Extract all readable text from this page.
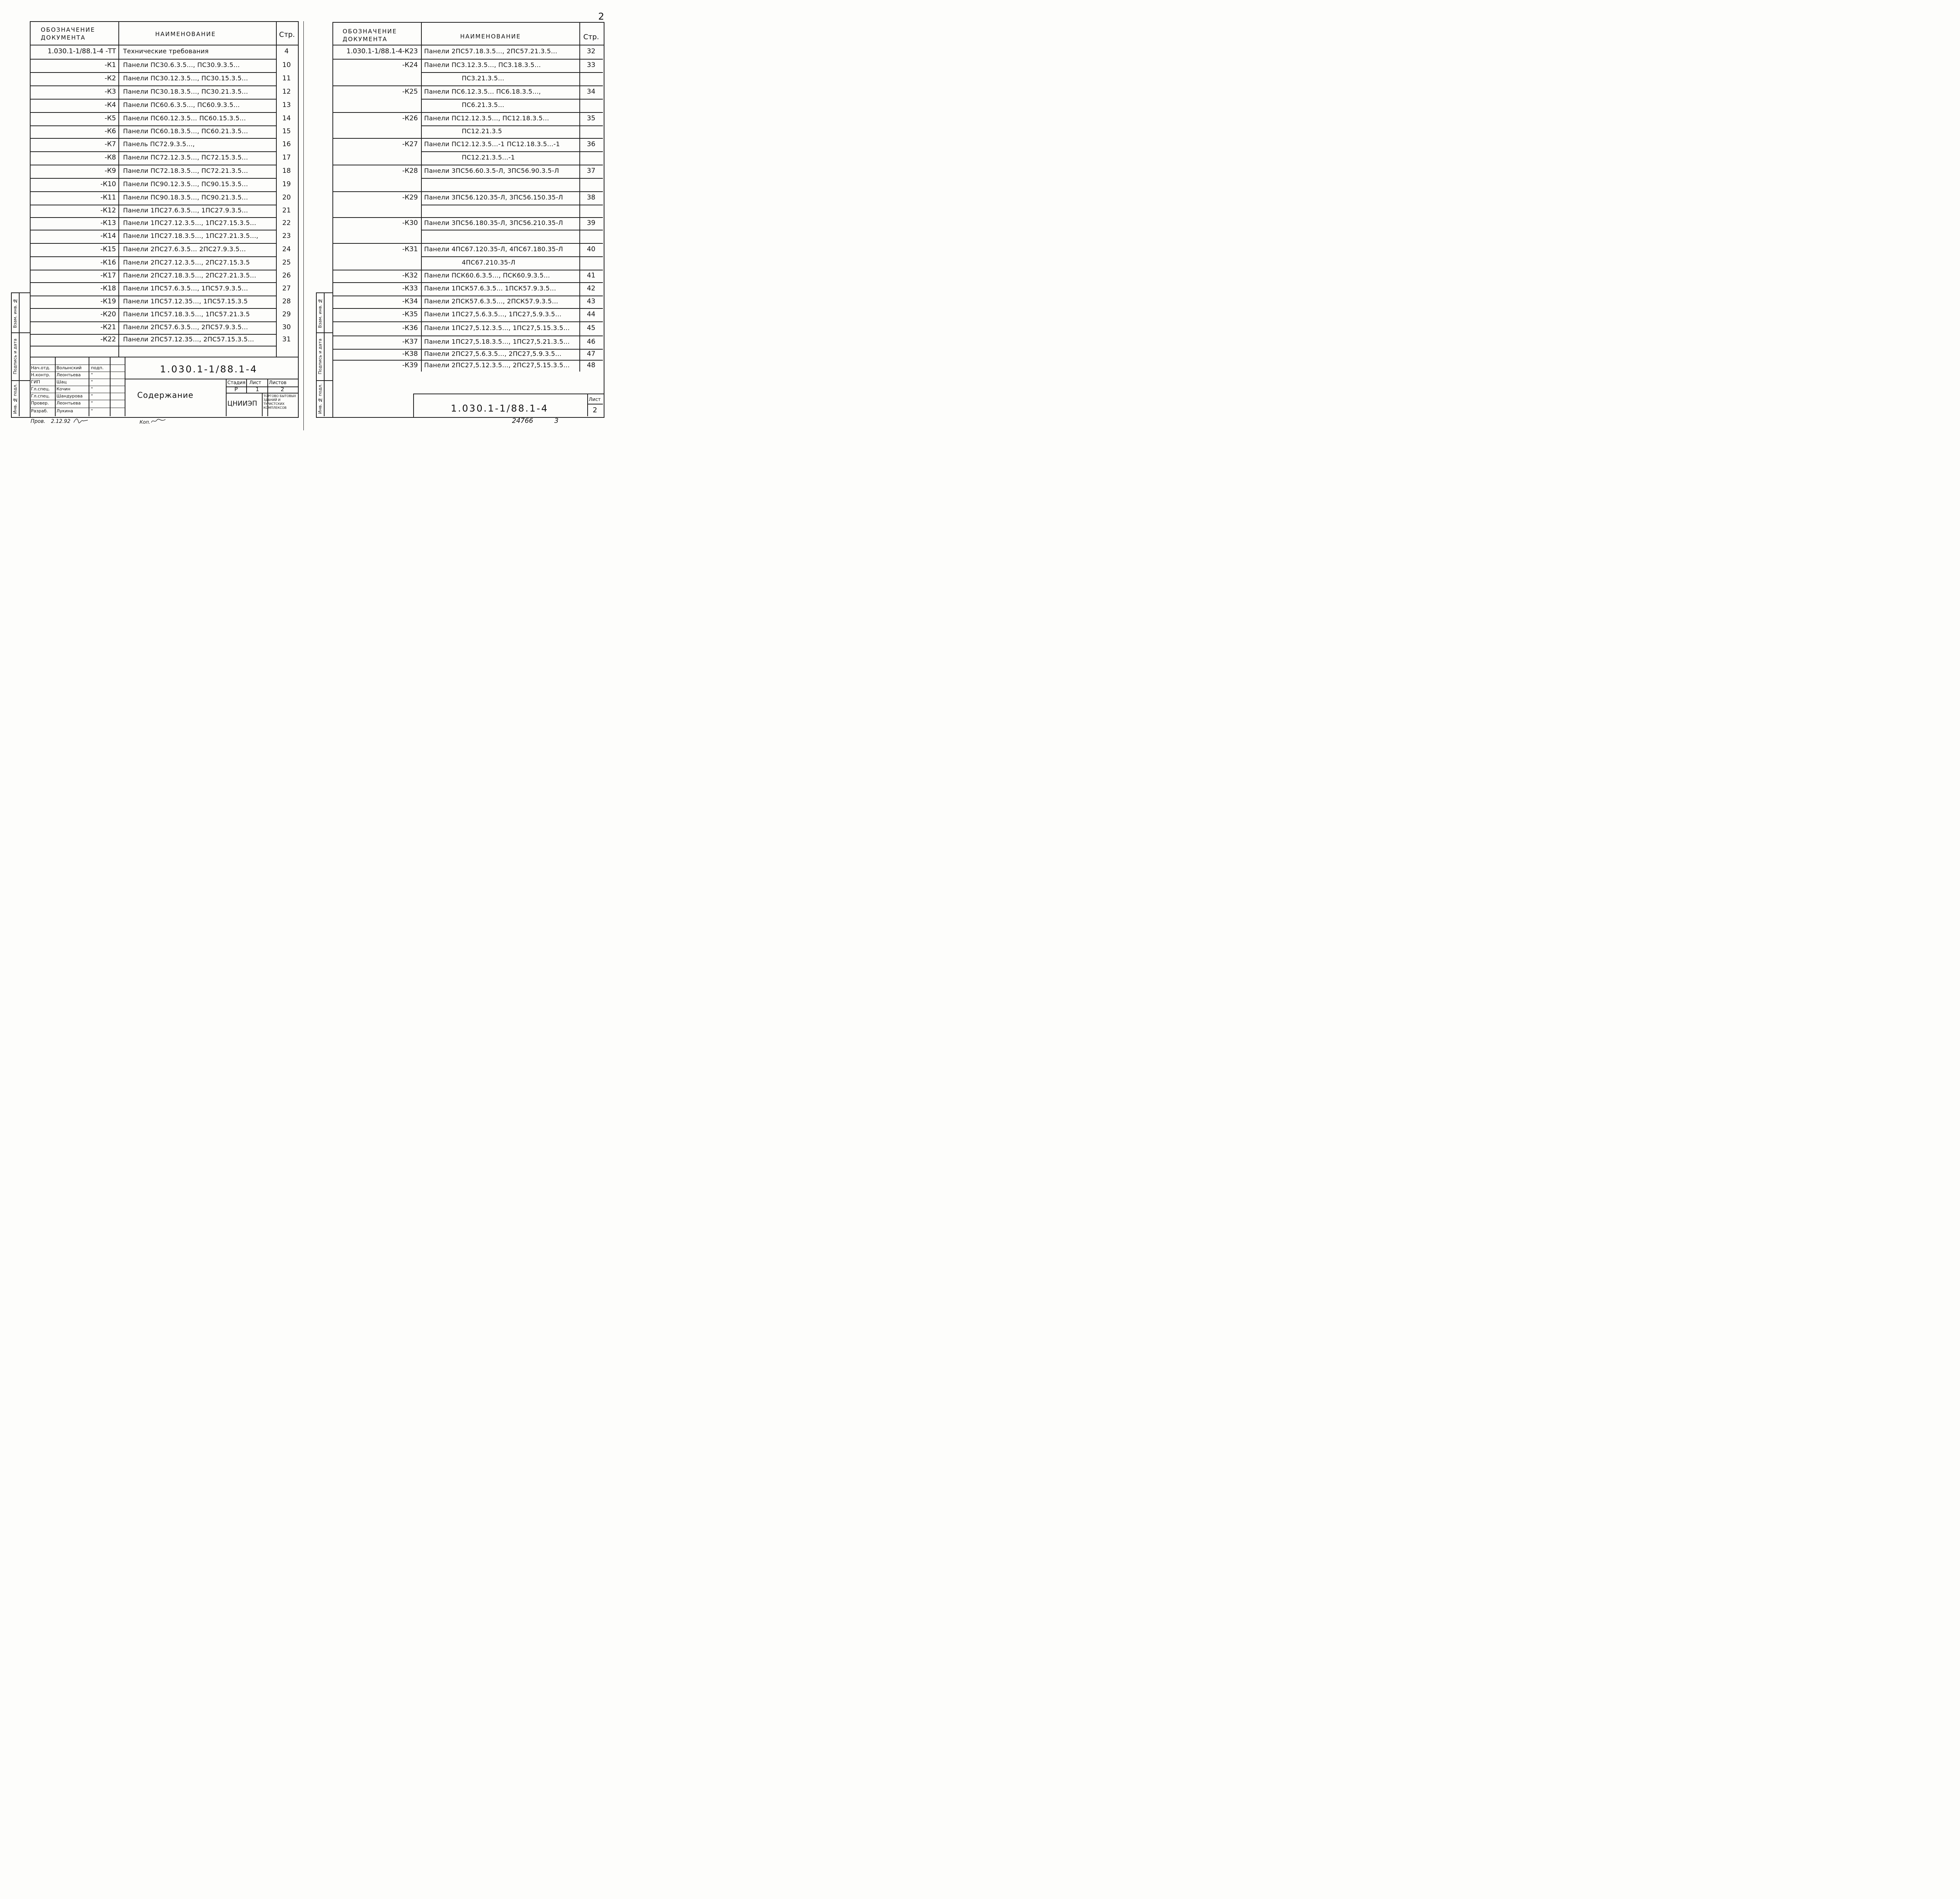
2
ОБОЗНАЧЕНИЕ ДОКУМЕНТА	НАИМЕНОВАНИЕ	Стр.
1.030.1-1/88.1-4 -ТТ Технические требования	4
-К1 Панели ПС30.6.3.5..., ПС30.9.3.5...	10
-К2 Панели ПС30.12.3.5..., ПС30.15.3.5...	11
-К3 Панели ПС30.18.3.5..., ПС30.21.3.5...	12
-К4 Панели ПС60.6.3.5..., ПС60.9.3.5...	13
-К5 Панели ПС60.12.3.5... ПС60.15.3.5...	14
-К6 Панели ПС60.18.3.5..., ПС60.21.3.5...	15
-К7 Панель ПС72.9.3.5...,	16
-К8 Панели ПС72.12.3.5..., ПС72.15.3.5...	17
-К9 Панели ПС72.18.3.5..., ПС72.21.3.5...	18
-К10 Панели ПС90.12.3.5..., ПС90.15.3.5...	19
-К11 Панели ПС90.18.3.5..., ПС90.21.3.5...	20
-К12 Панели 1ПС27.6.3.5..., 1ПС27.9.3.5...	21
-К13 Панели 1ПС27.12.3.5..., 1ПС27.15.3.5...	22
-К14 Панели 1ПС27.18.3.5..., 1ПС27.21.3.5...,	23
-К15 Панели 2ПС27.6.3.5... 2ПС27.9.3.5...	24
-К16 Панели 2ПС27.12.3.5..., 2ПС27.15.3.5	25
-К17 Панели 2ПС27.18.3.5..., 2ПС27.21.3.5...	26
-К18 Панели 1ПС57.6.3.5..., 1ПС57.9.3.5...	27
-К19 Панели 1ПС57.12.35..., 1ПС57.15.3.5	28
-К20 Панели 1ПС57.18.3.5..., 1ПС57.21.3.5	29
-К21 Панели 2ПС57.6.3.5..., 2ПС57.9.3.5...	30
-К22 Панели 2ПС57.12.35..., 2ПС57.15.3.5...	31
Взам. инв. №
Подпись и дата
Инв. № подл.
Нач.отд. Волынский подп.
Н.контр. Леонтьева "
ГИП	Шац	"
Гл.спец. Кочин	"
Гл.спец. Шандурова "
Провер. Леонтьева "
Разраб. Лукина	"
1.030.1-1/88.1-4
Содержание
Стадия Лист Листов
Р	1	2
ЦНИИЭП
ТОРГОВО БЫТОВЫХ ЗДАНИЙ И ТУРИСТСКИХ КОМПЛЕКСОВ
Пров. 2.12.92	Коп.
ОБОЗНАЧЕНИЕ ДОКУМЕНТА	НАИМЕНОВАНИЕ	Стр.
1.030.1-1/88.1-4-К23 Панели 2ПС57.18.3.5..., 2ПС57.21.3.5...	32
-К24 Панели ПС3.12.3.5..., ПС3.18.3.5...	33
ПС3.21.3.5...
-К25 Панели ПС6.12.3.5... ПС6.18.3.5...,	34
ПС6.21.3.5...
-К26 Панели ПС12.12.3.5..., ПС12.18.3.5...	35
ПС12.21.3.5
-К27 Панели ПС12.12.3.5...-1 ПС12.18.3.5...-1	36
ПС12.21.3.5...-1
-К28 Панели 3ПС56.60.3.5-Л, 3ПС56.90.3.5-Л	37
-К29 Панели 3ПС56.120.35-Л, 3ПС56.150.35-Л	38
-К30 Панели 3ПС56.180.35-Л, 3ПС56.210.35-Л	39
-К31 Панели 4ПС67.120.35-Л, 4ПС67.180.35-Л	40
4ПС67.210.35-Л
-К32 Панели ПСК60.6.3.5..., ПСК60.9.3.5...	41
-К33 Панели 1ПСК57.6.3.5... 1ПСК57.9.3.5...	42
-К34 Панели 2ПСК57.6.3.5..., 2ПСК57.9.3.5...	43
-К35 Панели 1ПС27,5.6.3.5..., 1ПС27,5.9.3.5...	44
-К36 Панели 1ПС27,5.12.3.5..., 1ПС27,5.15.3.5...	45
-К37 Панели 1ПС27,5.18.3.5..., 1ПС27,5.21.3.5...	46
-К38 Панели 2ПС27,5.6.3.5..., 2ПС27,5.9.3.5...	47
-К39 Панели 2ПС27,5.12.3.5..., 2ПС27,5.15.3.5...	48
Взам. инв. №
Подпись и дата
Инв. № подл.	1.030.1-1/88.1-4
Лист
2
24766	3
